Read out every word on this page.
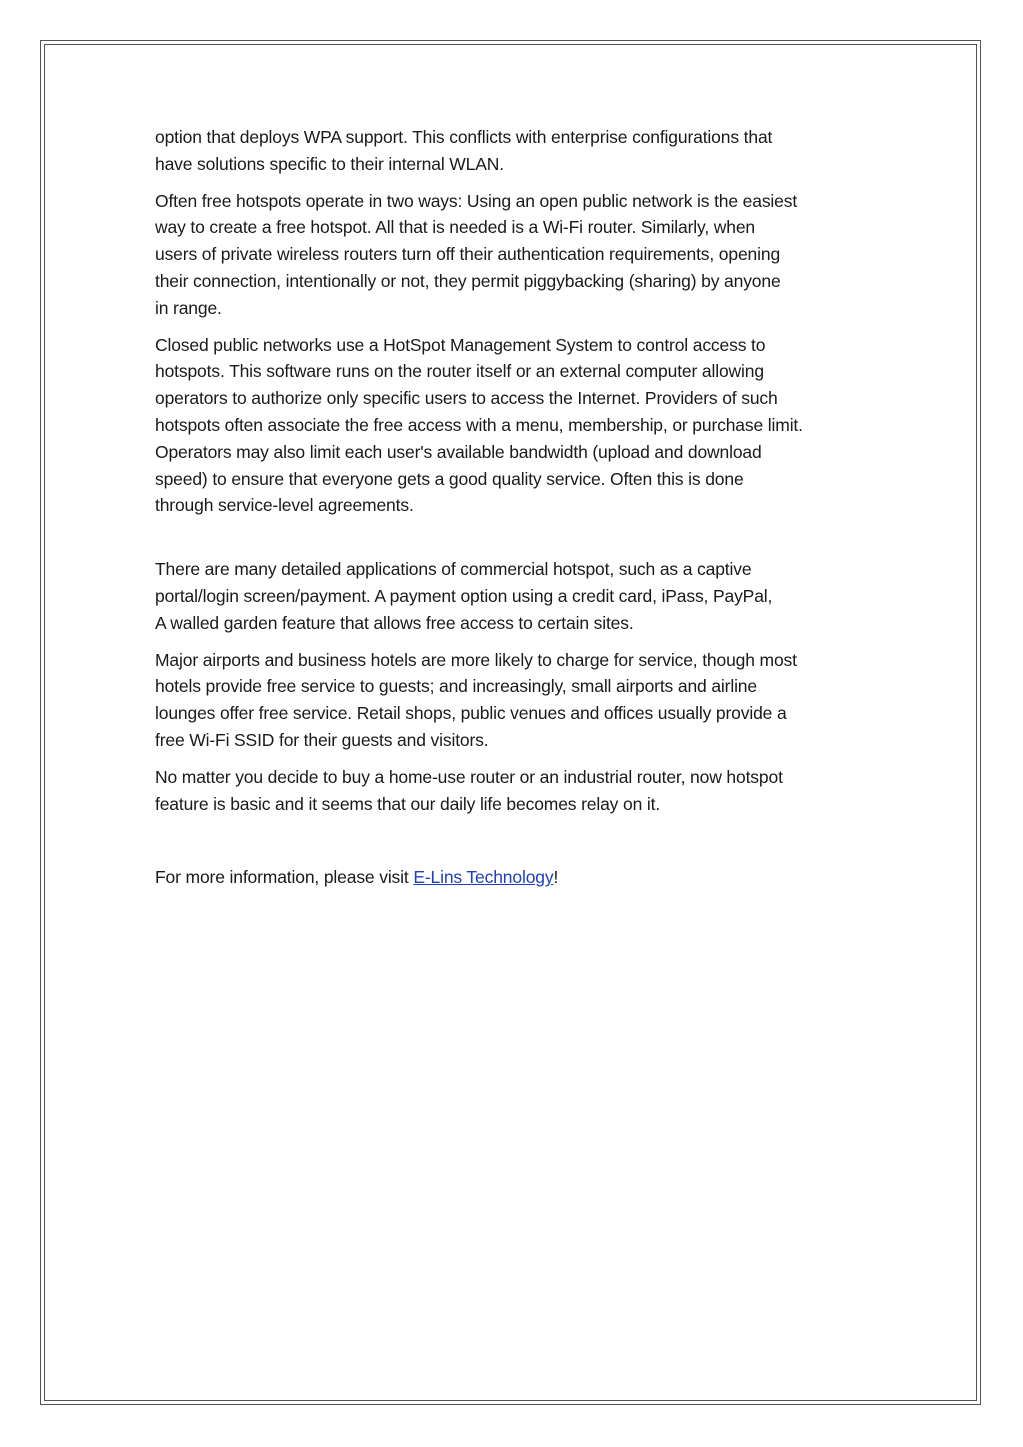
option that deploys WPA support. This conflicts with enterprise configurations that
have solutions specific to their internal WLAN.

Often free hotspots operate in two ways: Using an open public network is the easiest
way to create a free hotspot. All that is needed is a Wi-Fi router. Similarly, when
users of private wireless routers turn off their authentication requirements, opening
their connection, intentionally or not, they permit piggybacking (sharing) by anyone
in range.

Closed public networks use a HotSpot Management System to control access to
hotspots. This software runs on the router itself or an external computer allowing
operators to authorize only specific users to access the Internet. Providers of such
hotspots often associate the free access with a menu, membership, or purchase limit.
Operators may also limit each user's available bandwidth (upload and download
speed) to ensure that everyone gets a good quality service. Often this is done
through service-level agreements.

There are many detailed applications of commercial hotspot, such as a captive
portal/login screen/payment. A payment option using a credit card, iPass, PayPal,
A walled garden feature that allows free access to certain sites.

Major airports and business hotels are more likely to charge for service, though most
hotels provide free service to guests; and increasingly, small airports and airline
lounges offer free service. Retail shops, public venues and offices usually provide a
free Wi-Fi SSID for their guests and visitors.

No matter you decide to buy a home-use router or an industrial router, now hotspot
feature is basic and it seems that our daily life becomes relay on it.

For more information, please visit E-Lins Technology!
